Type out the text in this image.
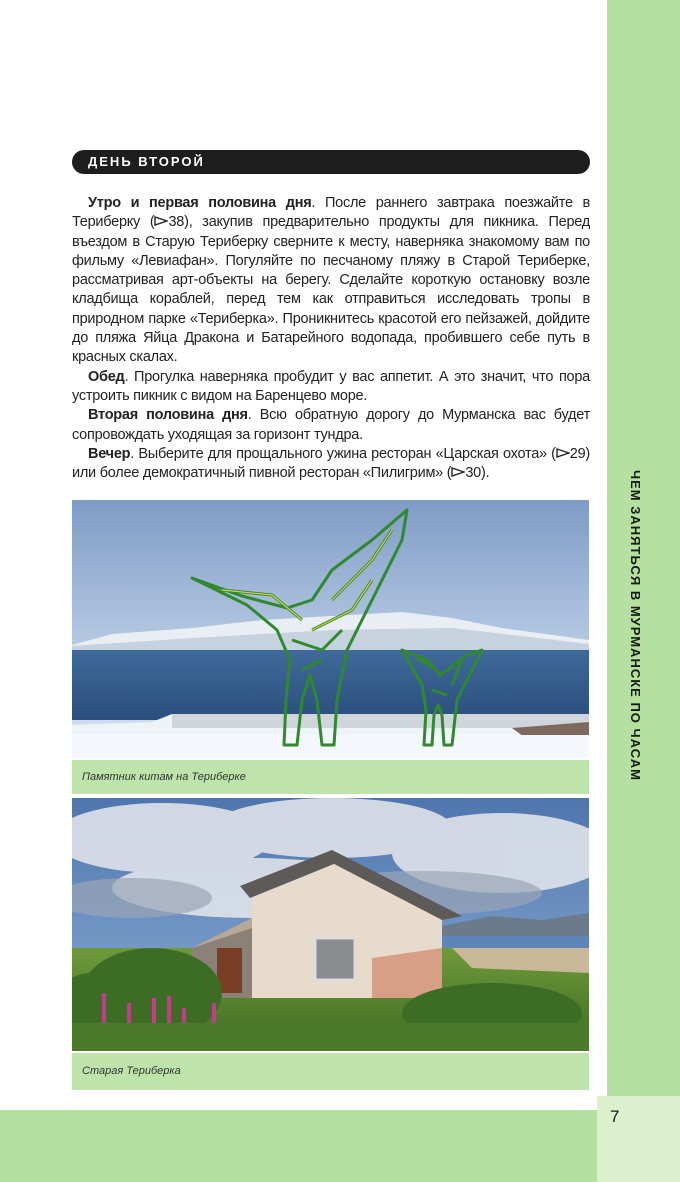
ЧЕМ ЗАНЯТЬСЯ В МУРМАНСКЕ ПО ЧАСАМ
7
ДЕНЬ ВТОРОЙ

Утро и первая половина дня. После раннего завтрака поезжайте в Териберку ( 38), закупив предварительно продукты для пикника. Перед въездом в Старую Териберку сверните к месту, наверняка знакомому вам по фильму «Левиафан». Погуляйте по песчаному пляжу в Старой Териберке, рассматривая арт-объекты на берегу. Сделайте короткую остановку возле кладбища кораблей, перед тем как отправиться исследовать тропы в природном парке «Териберка». Проникнитесь красотой его пейзажей, дойдите до пляжа Яйца Дракона и Батарейного водопада, пробившего себе путь в красных скалах.

Обед. Прогулка наверняка пробудит у вас аппетит. А это значит, что пора устроить пикник с видом на Баренцево море.

Вторая половина дня. Всю обратную дорогу до Мурманска вас будет сопровождать уходящая за горизонт тундра.

Вечер. Выберите для прощального ужина ресторан «Царская охота» ( 29) или более демократичный пивной ресторан «Пилигрим» ( 30).

Памятник китам на Териберке
Старая Териберка
